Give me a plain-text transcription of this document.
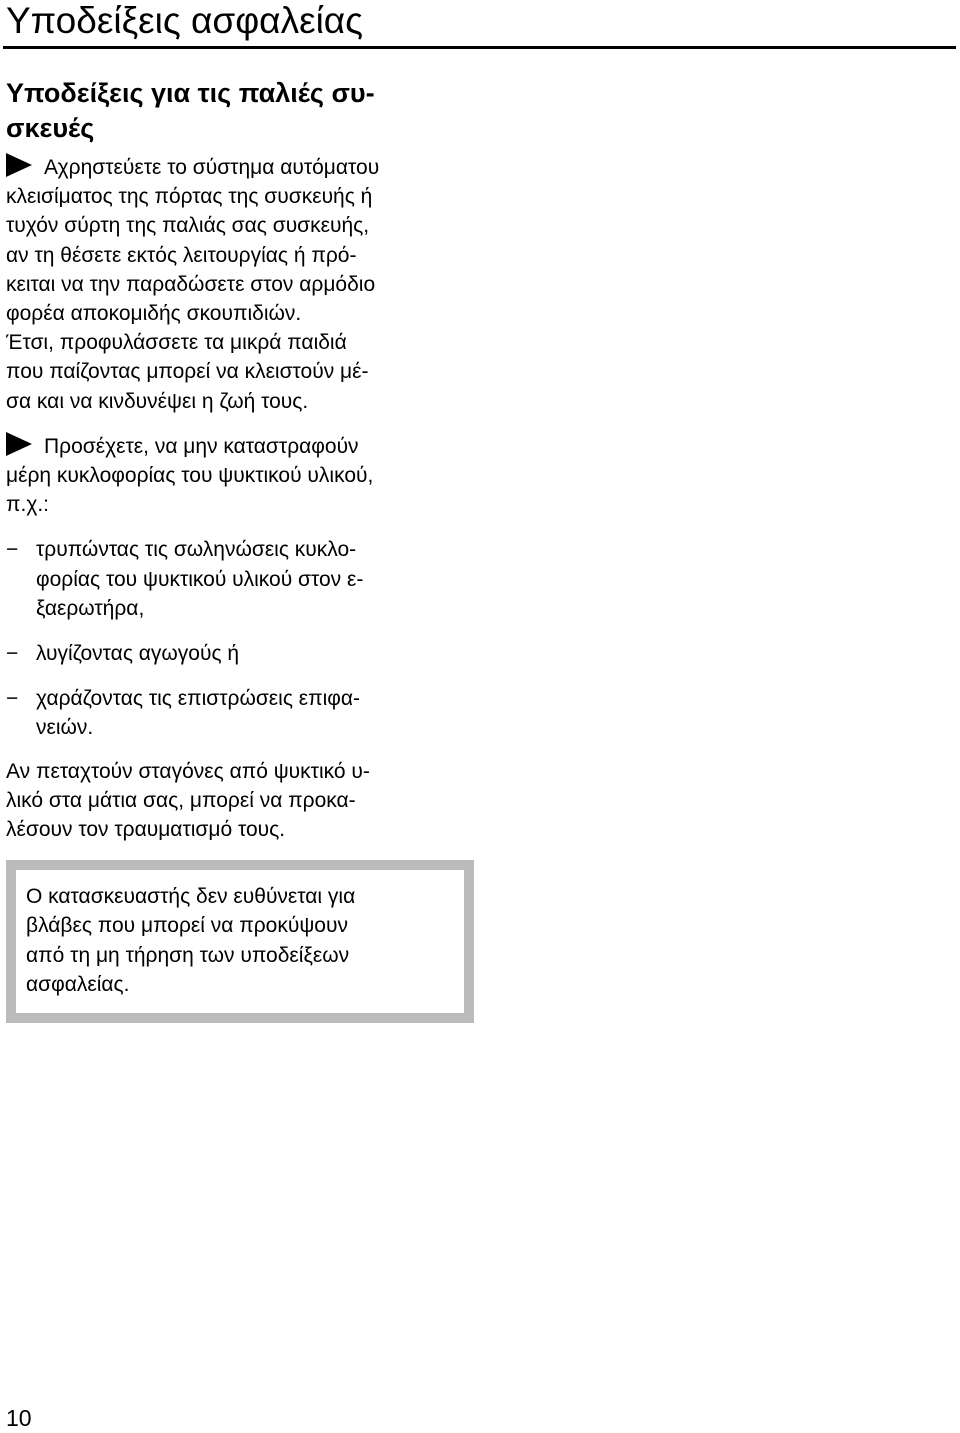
Υποδείξεις ασφαλείας
Υποδείξεις για τις παλιές συ-
σκευές

Αχρηστεύετε το σύστημα αυτόματου
κλεισίματος της πόρτας της συσκευής ή
τυχόν σύρτη της παλιάς σας συσκευής,
αν τη θέσετε εκτός λειτουργίας ή πρό-
κειται να την παραδώσετε στον αρμόδιο
φορέα αποκομιδής σκουπιδιών.
Έτσι, προφυλάσσετε τα μικρά παιδιά
που παίζοντας μπορεί να κλειστούν μέ-
σα και να κινδυνέψει η ζωή τους.

Προσέχετε, να μην καταστραφούν
μέρη κυκλοφορίας του ψυκτικού υλικού,
π.χ.:

− τρυπώντας τις σωληνώσεις κυκλο-
φορίας του ψυκτικού υλικού στον ε-
ξαερωτήρα,
− λυγίζοντας αγωγούς ή
− χαράζοντας τις επιστρώσεις επιφα-
νειών.

Αν πεταχτούν σταγόνες από ψυκτικό υ-
λικό στα μάτια σας, μπορεί να προκα-
λέσουν τον τραυματισμό τους.

Ο κατασκευαστής δεν ευθύνεται για
βλάβες που μπορεί να προκύψουν
από τη μη τήρηση των υποδείξεων
ασφαλείας.
10
